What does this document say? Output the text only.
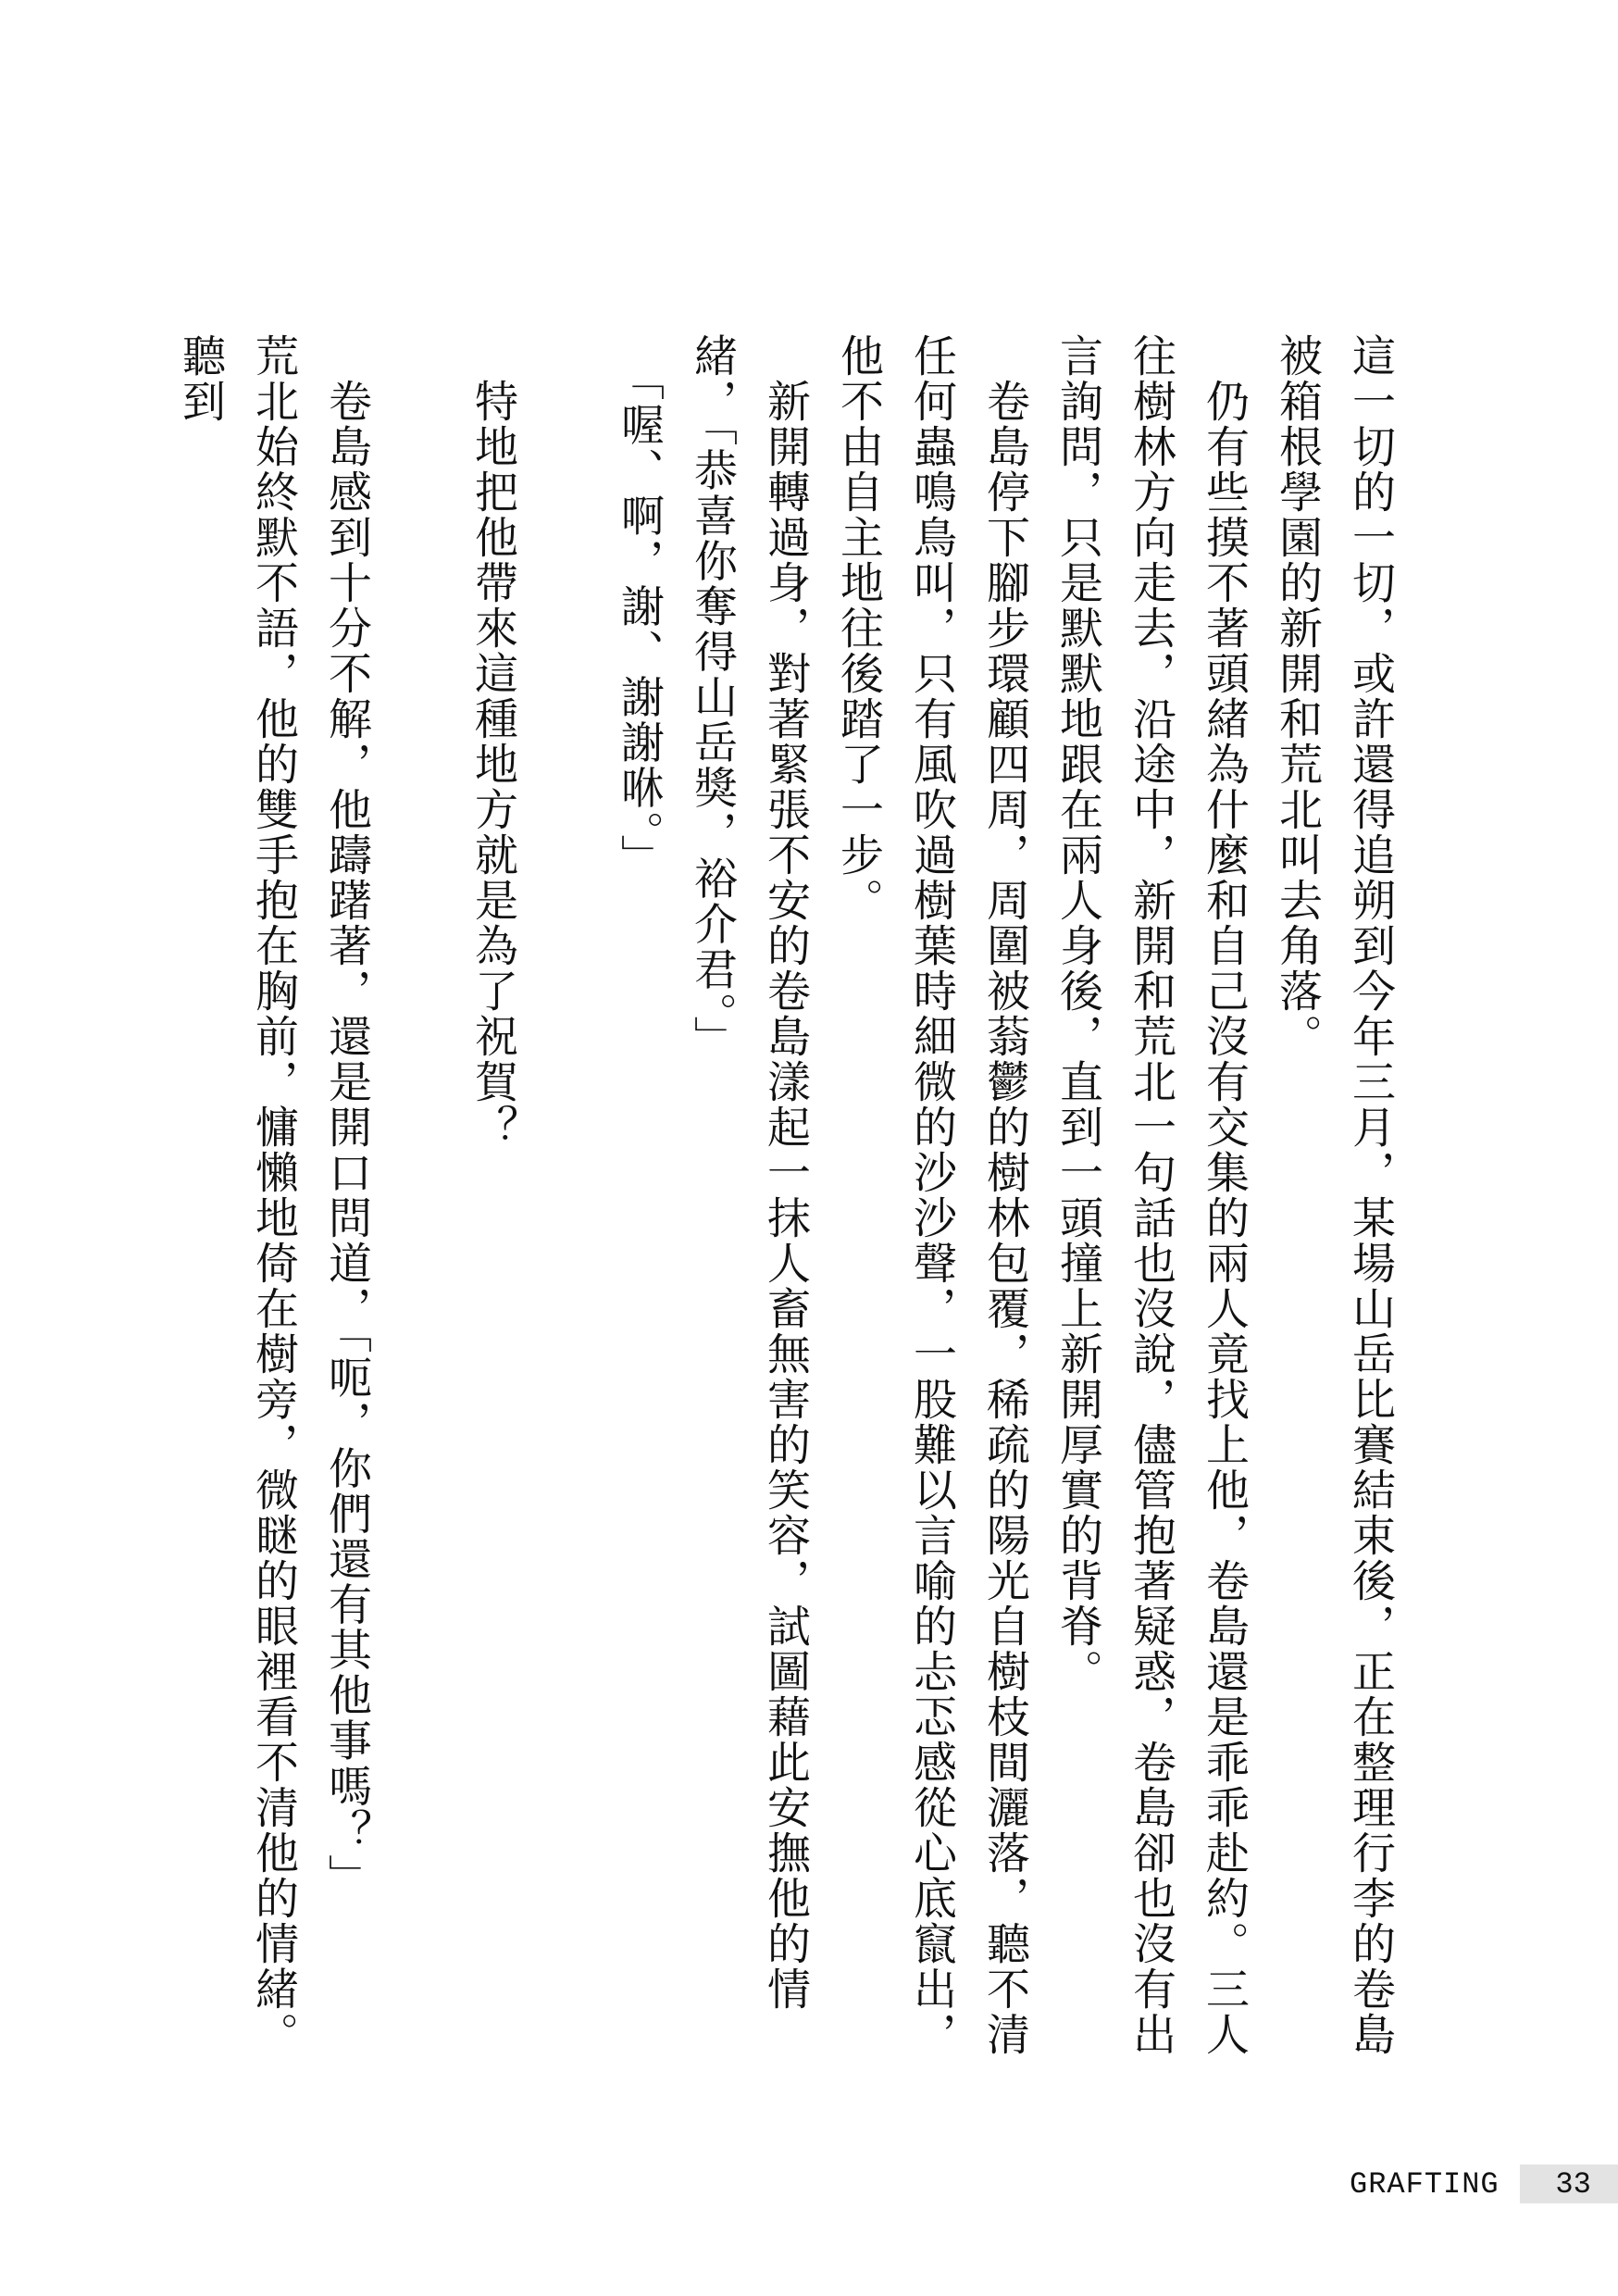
這一切的一切，或許還得追朔到今年三月，某場山岳比賽結束後，正在整理行李的卷島被箱根學園的新開和荒北叫去角落。

　仍有些摸不著頭緒為什麼和自己沒有交集的兩人竟找上他，卷島還是乖乖赴約。三人往樹林方向走去，沿途中，新開和荒北一句話也沒說，儘管抱著疑惑，卷島卻也沒有出言詢問，只是默默地跟在兩人身後，直到一頭撞上新開厚實的背脊。

　卷島停下腳步環顧四周，周圍被蓊鬱的樹林包覆，稀疏的陽光自樹枝間灑落，聽不清任何蟲鳴鳥叫，只有風吹過樹葉時細微的沙沙聲，一股難以言喻的忐忑感從心底竄出，他不由自主地往後踏了一步。

　新開轉過身，對著緊張不安的卷島漾起一抹人畜無害的笑容，試圖藉此安撫他的情緒，「恭喜你奪得山岳獎，裕介君。」

　「喔、啊，謝、謝謝咻。」

　特地把他帶來這種地方就是為了祝賀？

　卷島感到十分不解，他躊躇著，還是開口問道，「呃，你們還有其他事嗎？」

荒北始終默不語，他的雙手抱在胸前，慵懶地倚在樹旁，微瞇的眼裡看不清他的情緒。聽到

GRAFTING	33
